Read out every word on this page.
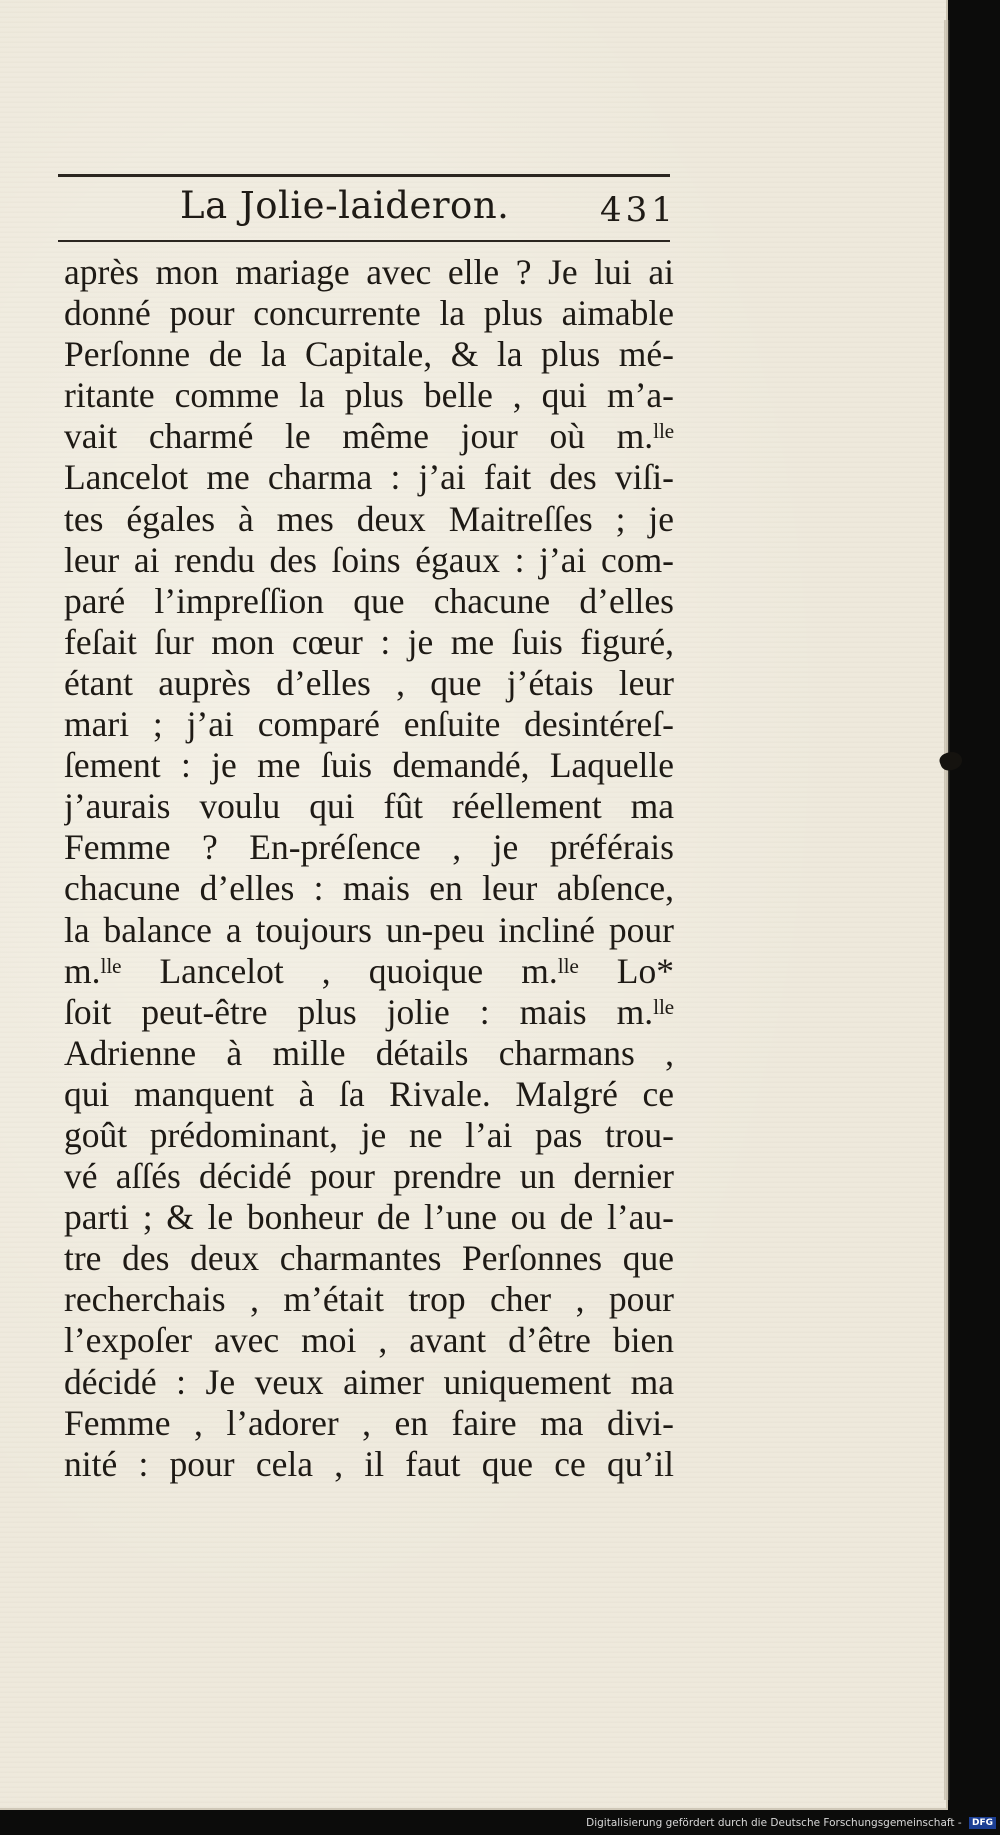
La Jolie-laideron.	431
après mon mariage avec elle ? Je lui ai
donné pour concurrente la plus aimable
Perſonne de la Capitale, & la plus mé-
ritante comme la plus belle , qui m’a-
vait charmé le même jour où m.ˡˡᵉ
Lancelot me charma : j’ai fait des viſi-
tes égales à mes deux Maitreſſes ; je
leur ai rendu des ſoins égaux : j’ai com-
paré l’impreſſion que chacune d’elles
feſait ſur mon cœur : je me ſuis figuré,
étant auprès d’elles , que j’étais leur
mari ; j’ai comparé enſuite desintéreſ-
ſement : je me ſuis demandé, Laquelle
j’aurais voulu qui fût réellement ma
Femme ? En-préſence , je préférais
chacune d’elles : mais en leur abſence,
la balance a toujours un-peu incliné pour
m.ˡˡᵉ Lancelot , quoique m.ˡˡᵉ Lo*
ſoit peut-être plus jolie : mais m.ˡˡᵉ
Adrienne à mille détails charmans ,
qui manquent à ſa Rivale. Malgré ce
goût prédominant, je ne l’ai pas trou-
vé aſſés décidé pour prendre un dernier
parti ; & le bonheur de l’une ou de l’au-
tre des deux charmantes Perſonnes que
recherchais , m’était trop cher , pour
l’expoſer avec moi , avant d’être bien
décidé : Je veux aimer uniquement ma
Femme , l’adorer , en faire ma divi-
nité : pour cela , il faut que ce qu’il
Digitalisierung gefördert durch die Deutsche Forschungsgemeinschaft - DFG
